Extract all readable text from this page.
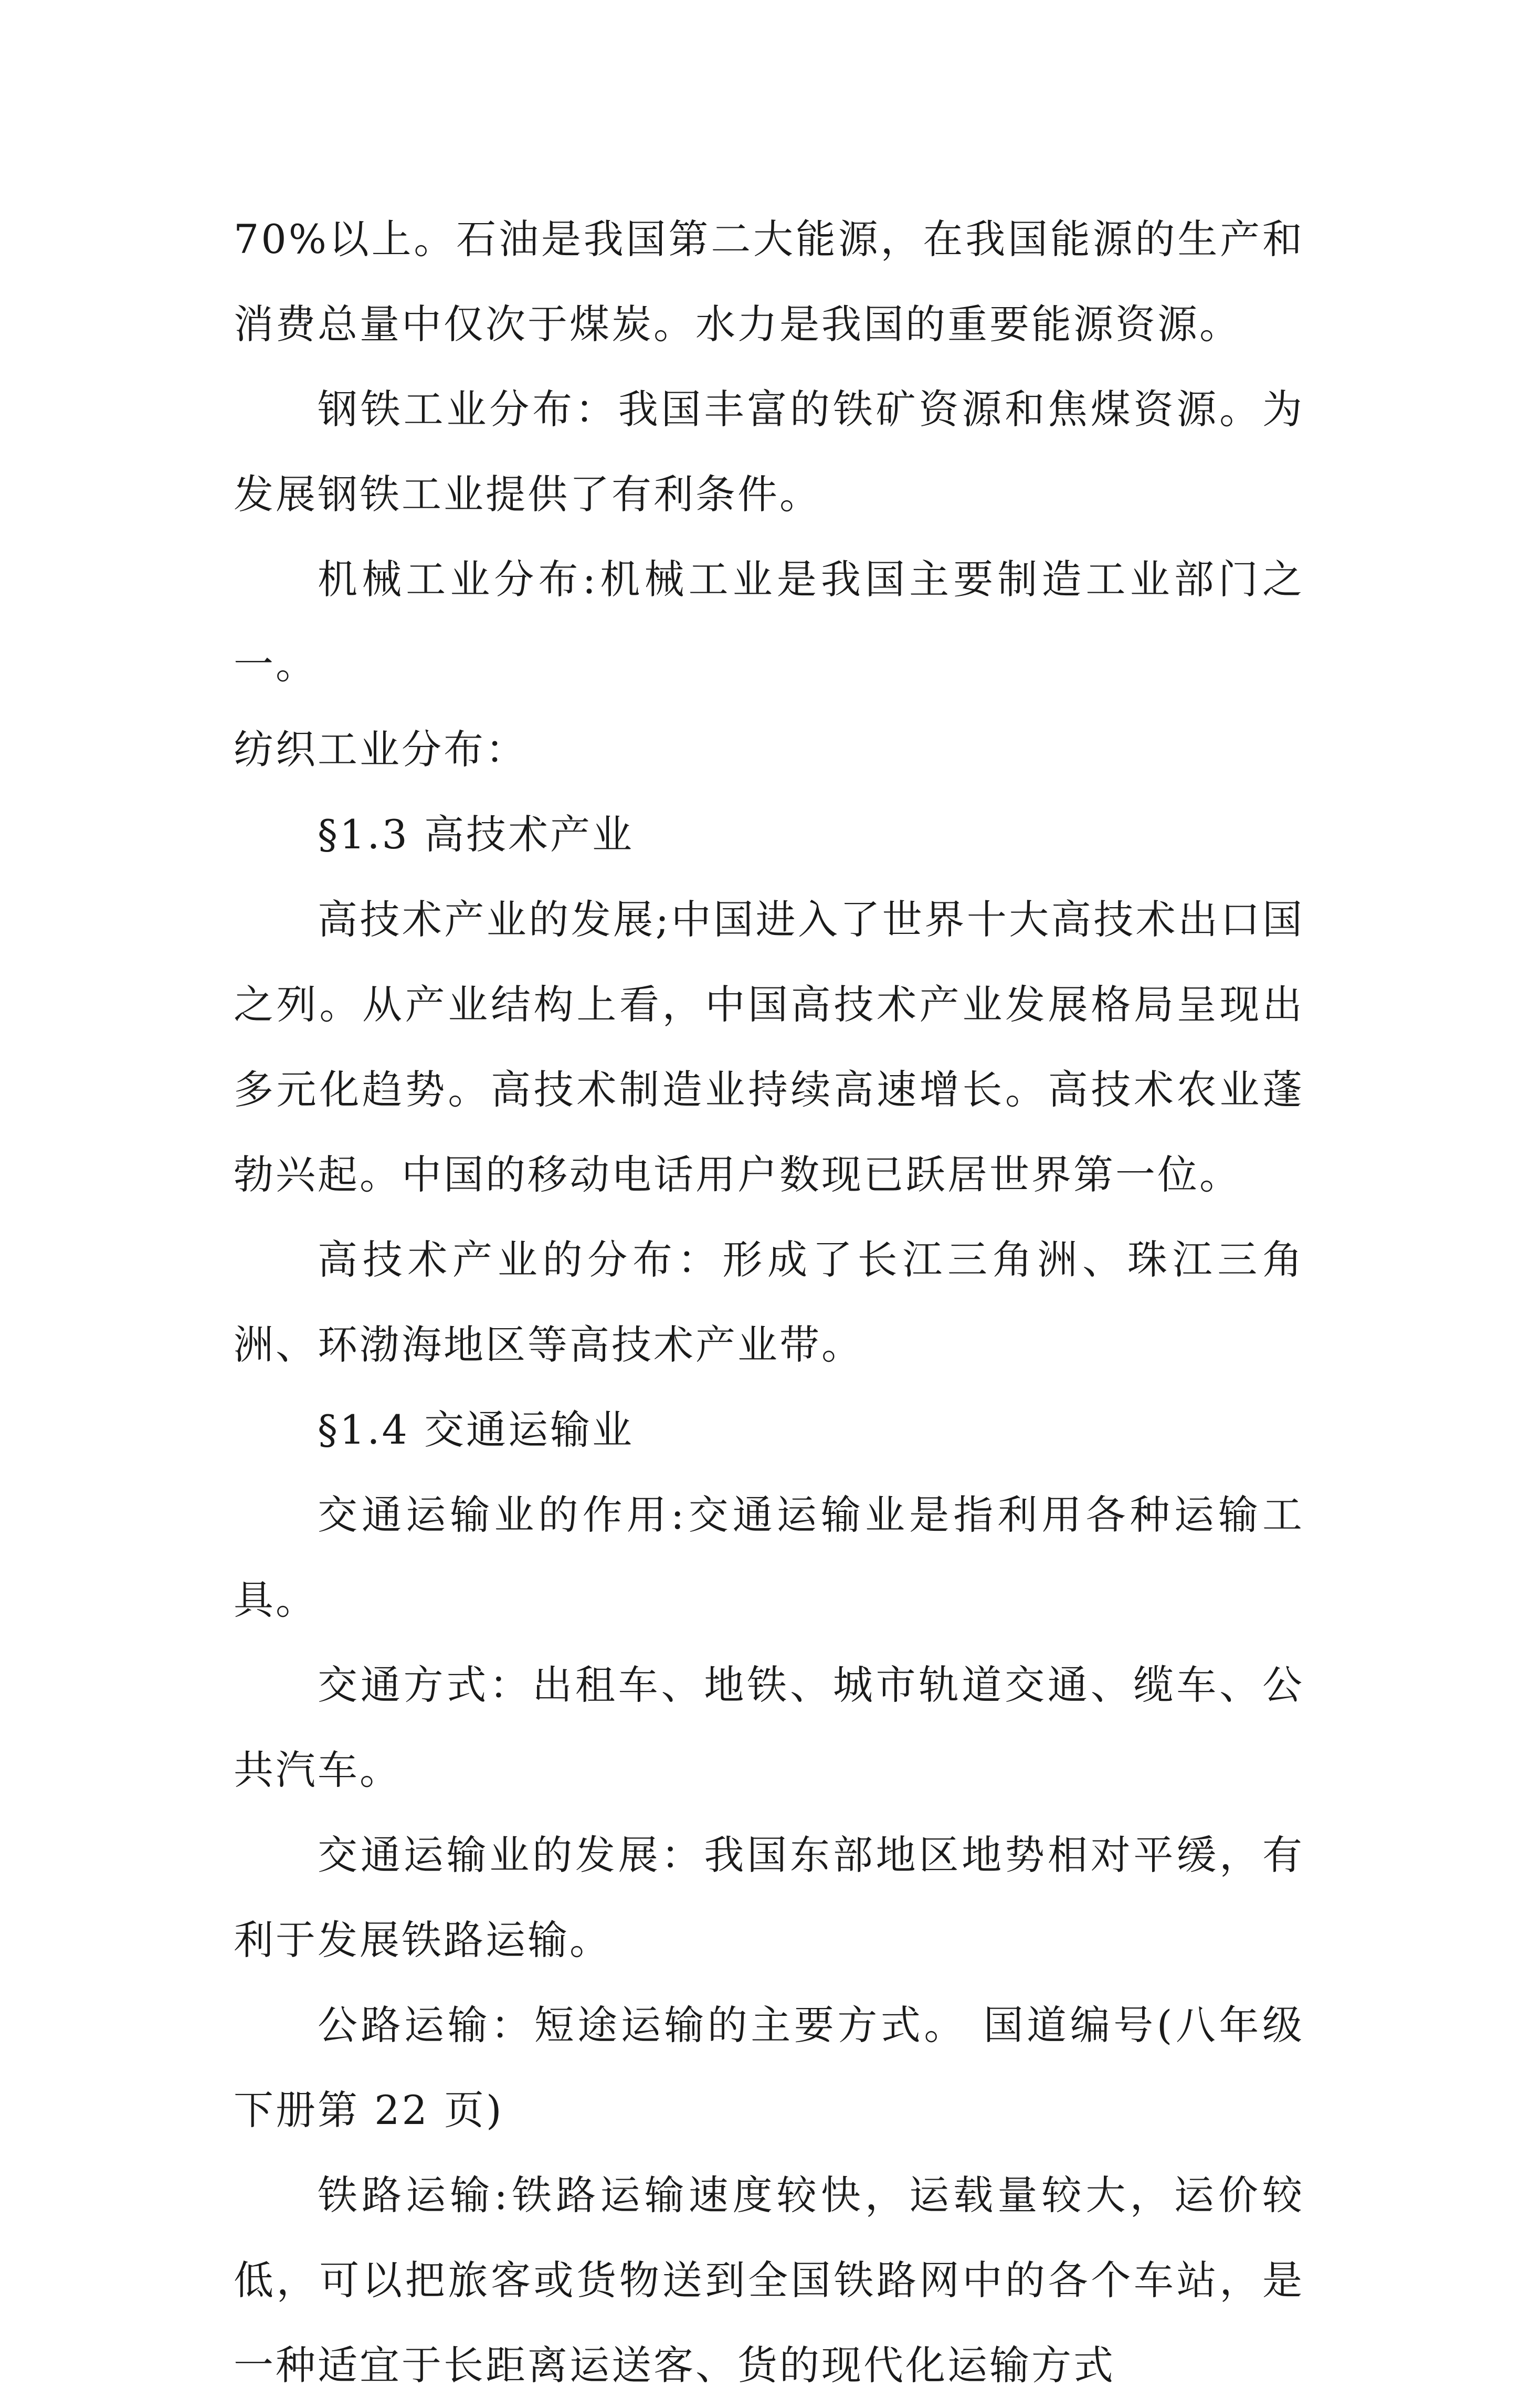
70%以上。石油是我国第二大能源，在我国能源的生产和消费总量中仅次于煤炭。水力是我国的重要能源资源。

钢铁工业分布：我国丰富的铁矿资源和焦煤资源。为发展钢铁工业提供了有利条件。

机械工业分布:机械工业是我国主要制造工业部门之一。

纺织工业分布：

§1.3 高技术产业

高技术产业的发展;中国进入了世界十大高技术出口国之列。从产业结构上看，中国高技术产业发展格局呈现出多元化趋势。高技术制造业持续高速增长。高技术农业蓬勃兴起。中国的移动电话用户数现已跃居世界第一位。

高技术产业的分布：形成了长江三角洲、珠江三角洲、环渤海地区等高技术产业带。

§1.4 交通运输业

交通运输业的作用:交通运输业是指利用各种运输工具。

交通方式：出租车、地铁、城市轨道交通、缆车、公共汽车。

交通运输业的发展：我国东部地区地势相对平缓，有利于发展铁路运输。

公路运输：短途运输的主要方式。 国道编号(八年级下册第 22 页)

铁路运输:铁路运输速度较快，运载量较大，运价较低，可以把旅客或货物送到全国铁路网中的各个车站，是一种适宜于长距离运送客、货的现代化运输方式
